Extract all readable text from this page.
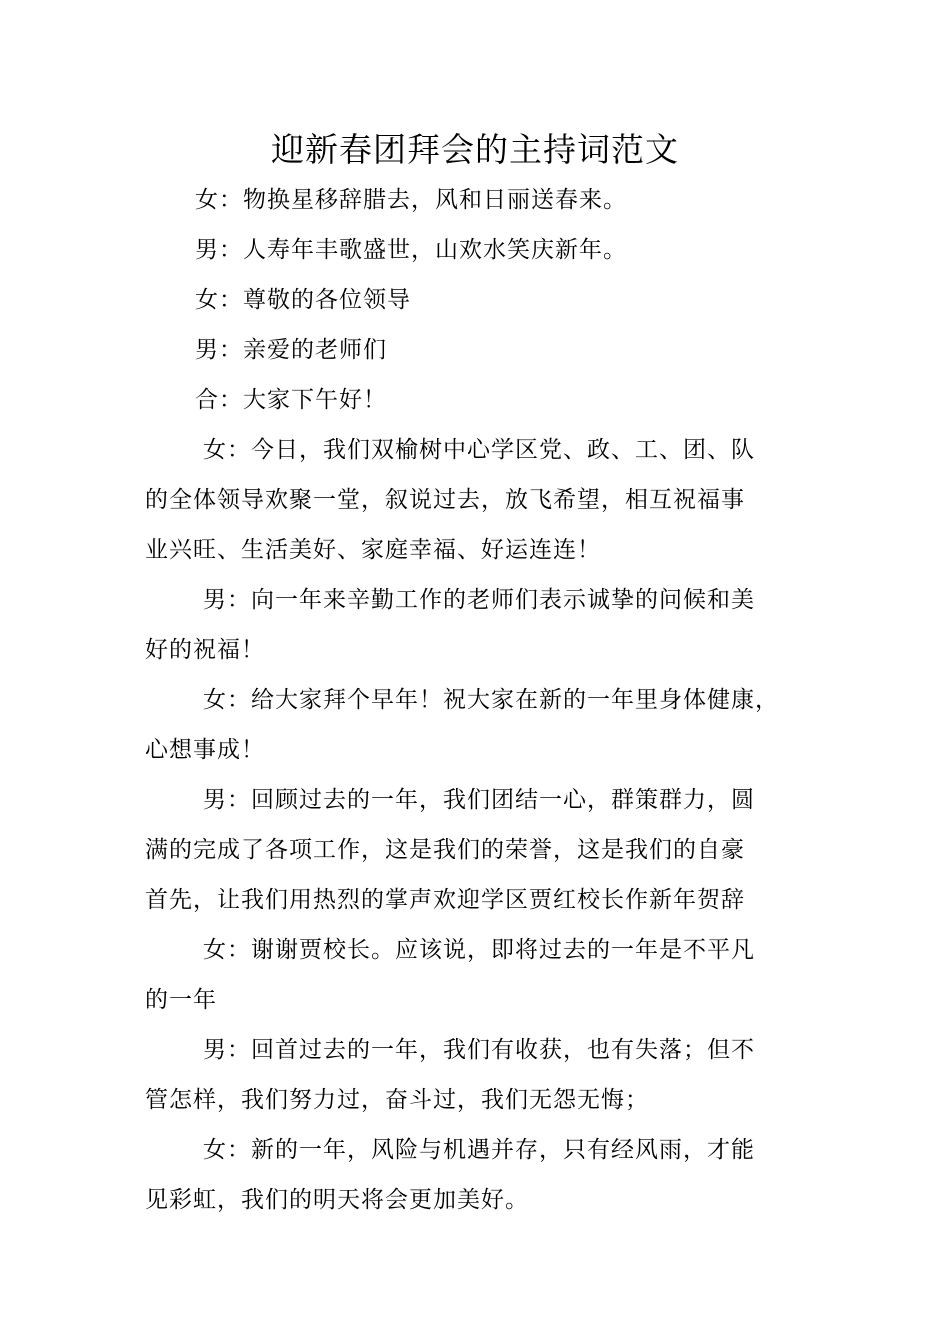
迎新春团拜会的主持词范文
女：物换星移辞腊去，风和日丽送春来。
男：人寿年丰歌盛世，山欢水笑庆新年。
女：尊敬的各位领导
男：亲爱的老师们
合：大家下午好！
女：今日，我们双榆树中心学区党、政、工、团、队
的全体领导欢聚一堂，叙说过去，放飞希望，相互祝福事
业兴旺、生活美好、家庭幸福、好运连连！
男：向一年来辛勤工作的老师们表示诚挚的问候和美
好的祝福！
女：给大家拜个早年！祝大家在新的一年里身体健康，
心想事成！
男：回顾过去的一年，我们团结一心，群策群力，圆
满的完成了各项工作，这是我们的荣誉，这是我们的自豪
首先，让我们用热烈的掌声欢迎学区贾红校长作新年贺辞
女：谢谢贾校长。应该说，即将过去的一年是不平凡
的一年
男：回首过去的一年，我们有收获，也有失落；但不
管怎样，我们努力过，奋斗过，我们无怨无悔；
女：新的一年，风险与机遇并存，只有经风雨，才能
见彩虹，我们的明天将会更加美好。
